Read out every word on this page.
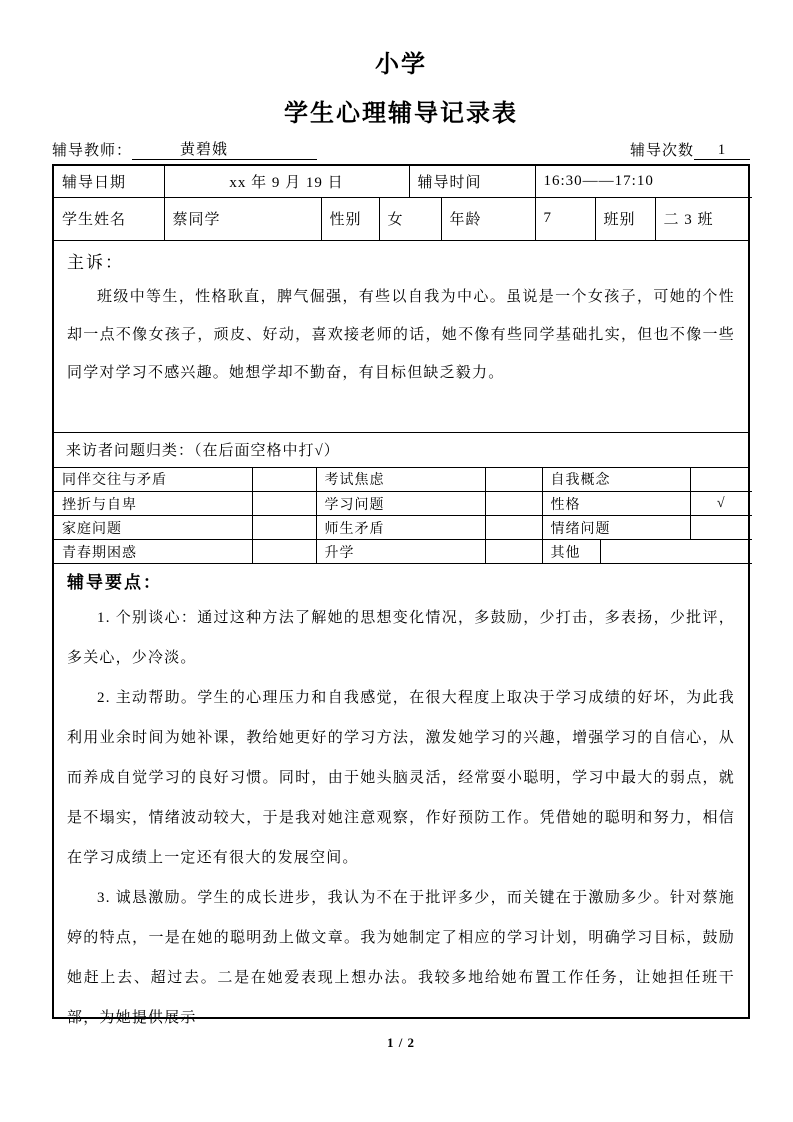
小学
学生心理辅导记录表
辅导教师：	黄碧娥	辅导次数	1
辅导日期	xx 年 9 月 19 日	辅导时间	16:30——17:10
学生姓名	蔡同学	性别	女	年龄	7	班别	二 3 班
主诉：

班级中等生，性格耿直，脾气倔强，有些以自我为中心。虽说是一个女孩子，可她的个性却一点不像女孩子，顽皮、好动，喜欢接老师的话，她不像有些同学基础扎实，但也不像一些同学对学习不感兴趣。她想学却不勤奋，有目标但缺乏毅力。

来访者问题归类：（在后面空格中打√）
同伴交往与矛盾		考试焦虑		自我概念		
挫折与自卑		学习问题		性格		√
家庭问题		师生矛盾		情绪问题		
青春期困惑		升学		其他		
辅导要点：

1. 个别谈心：通过这种方法了解她的思想变化情况，多鼓励，少打击，多表扬，少批评，多关心，少冷淡。

2. 主动帮助。学生的心理压力和自我感觉，在很大程度上取决于学习成绩的好坏，为此我利用业余时间为她补课，教给她更好的学习方法，激发她学习的兴趣，增强学习的自信心，从而养成自觉学习的良好习惯。同时，由于她头脑灵活，经常耍小聪明，学习中最大的弱点，就是不塌实，情绪波动较大，于是我对她注意观察，作好预防工作。凭借她的聪明和努力，相信在学习成绩上一定还有很大的发展空间。

3. 诚恳激励。学生的成长进步，我认为不在于批评多少，而关键在于激励多少。针对蔡施婷的特点，一是在她的聪明劲上做文章。我为她制定了相应的学习计划，明确学习目标，鼓励她赶上去、超过去。二是在她爱表现上想办法。我较多地给她布置工作任务，让她担任班干部，为她提供展示

1 / 2
